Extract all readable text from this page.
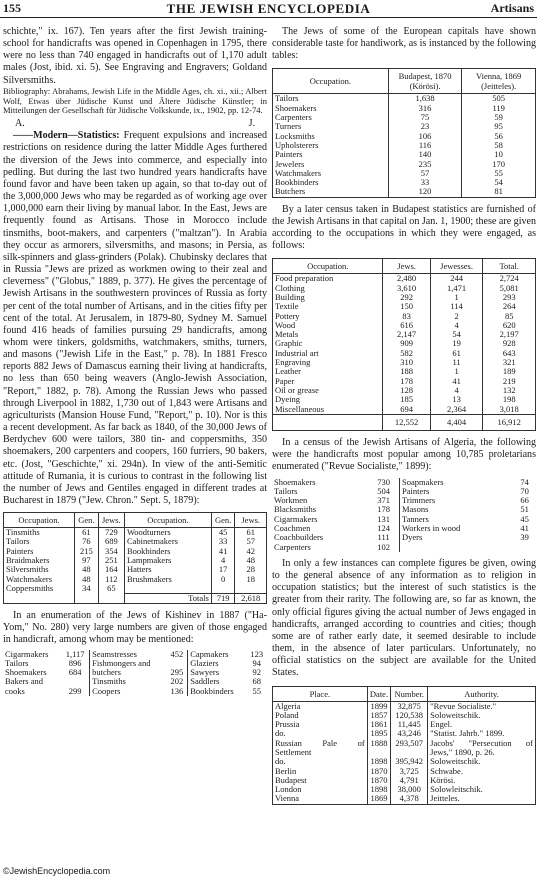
155	THE JEWISH ENCYCLOPEDIA	Artisans

schichte," ix. 167). Ten years after the first Jewish training-school for handicrafts was opened in Copenhagen in 1795, there were no less than 740 engaged in handicrafts out of 1,170 adult males (Jost, ibid. xi. 5). See Engraving and Engravers; Goldand Silversmiths.

Bibliography: Abrahams, Jewish Life in the Middle Ages, ch. xi., xii.; Albert Wolf, Etwas über Jüdische Kunst und Ältere Jüdische Künstler; in Mitteilungen der Gesellschaft für Jüdische Volkskunde, ix., 1902, pp. 12-74.

A.	J.

——Modern—Statistics: Frequent expulsions and increased restrictions on residence during the latter Middle Ages furthered the diversion of the Jews into commerce, and especially into pedling. But during the last two hundred years handicrafts have found favor and have been taken up again, so that to-day out of the 3,000,000 Jews who may be regarded as of working age over 1,000,000 earn their living by manual labor. In the East, Jews are frequently found as Artisans. Those in Morocco include tinsmiths, boot-makers, and carpenters ("maltzan"). In Arabia they occur as armorers, silversmiths, and masons; in Persia, as silk-spinners and glass-grinders (Polak). Chubinsky declares that in Russia "Jews are prized as workmen owing to their zeal and cleverness" ("Globus," 1889, p. 377). He gives the percentage of Jewish Artisans in the southwestern provinces of Russia as forty per cent of the total number of Artisans, and in the cities fifty per cent of the total. At Jerusalem, in 1879-80, Sydney M. Samuel found 416 heads of families pursuing 29 handicrafts, among whom were tinkers, goldsmiths, watchmakers, smiths, turners, and masons ("Jewish Life in the East," p. 78). In 1881 Fresco reports 882 Jews of Damascus earning their living at handicrafts, no less than 650 being weavers (Anglo-Jewish Association, "Report," 1882, p. 78). Among the Russian Jews who passed through Liverpool in 1882, 1,730 out of 1,843 were Artisans and agriculturists (Mansion House Fund, "Report," p. 10). Nor is this a recent development. As far back as 1840, of the 30,000 Jews of Berdychev 600 were tailors, 380 tin- and coppersmiths, 350 shoemakers, 200 carpenters and coopers, 160 furriers, 90 bakers, etc. (Jost, "Geschichte," xi. 294n). In view of the anti-Semitic attitude of Rumania, it is curious to contrast in the following list the number of Jews and Gentiles engaged in different trades at Bucharest in 1879 ("Jew. Chron." Sept. 5, 1879):

Occupation.	Gen.	Jews.	Occupation.	Gen.	Jews.
Tinsmiths	61	729	Woodturners	45	61
Tailors	76	689	Cabinetmakers	33	57
Painters	215	354	Bookbinders	41	42
Braidmakers	97	251	Lampmakers	4	48
Silversmiths	48	164	Hatters	17	28
Watchmakers	48	112	Brushmakers	0	18
Coppersmiths	34	65			
			Totals	719	2,618

In an enumeration of the Jews of Kishinev in 1887 ("Ha-Yom," No. 280) very large numbers are given of those engaged in handicraft, among whom may be mentioned:

Cigarmakers	1,117	Seamstresses	452	Capmakers	123
Tailors	896	Fishmongers and		Glaziers	94
Shoemakers	684	butchers	295	Sawyers	92
Bakers and		Tinsmiths	202	Saddlers	68
cooks	299	Coopers	136	Bookbinders	55

The Jews of some of the European capitals have shown considerable taste for handiwork, as is instanced by the following tables:

Occupation.	Budapest, 1870 (Körösi).	Vienna, 1869 (Jeitteles).
Tailors	1,638	505
Shoemakers	316	119
Carpenters	75	59
Turners	23	95
Locksmiths	106	56
Upholsterers	116	58
Painters	140	10
Jewelers	235	170
Watchmakers	57	55
Bookbinders	33	54
Butchers	120	81

By a later census taken in Budapest statistics are furnished of the Jewish Artisans in that capital on Jan. 1, 1900; these are given according to the occupations in which they were engaged, as follows:

Occupation.	Jews.	Jewesses.	Total.
Food preparation	2,480	244	2,724
Clothing	3,610	1,471	5,081
Building	292	1	293
Textile	150	114	264
Pottery	83	2	85
Wood	616	4	620
Metals	2,147	54	2,197
Graphic	909	19	928
Industrial art	582	61	643
Engraving	310	11	321
Leather	188	1	189
Paper	178	41	219
Oil or grease	128	4	132
Dyeing	185	13	198
Miscellaneous	694	2,364	3,018
	12,552	4,404	16,912

In a census of the Jewish Artisans of Algeria, the following were the handicrafts most popular among 10,785 proletarians enumerated ("Revue Socialiste," 1899):

Shoemakers	730	Soapmakers	74
Tailors	504	Painters	70
Workmen	371	Trimmers	66
Blacksmiths	178	Masons	51
Cigarmakers	131	Tanners	45
Coachmen	124	Workers in wood	41
Coachbuilders	111	Dyers	39
Carpenters	102		

In only a few instances can complete figures be given, owing to the general absence of any information as to religion in occupation statistics; but the interest of such statistics is the greater from their rarity. The following are, so far as known, the only official figures giving the actual number of Jews engaged in handicrafts, arranged according to countries and cities; though some are of rather early date, it seemed desirable to include them, in the absence of later particulars. Unfortunately, no official statistics on the subject are available for the United States.

Place.	Date.	Number.	Authority.
Algeria	1899	32,875	"Revue Socialiste."
Poland	1857	120,538	Soloweitschik.
Prussia	1861	11,445	Engel.
do.	1895	43,246	"Statist. Jahrb." 1899.
Russian Pale of Settlement	1888	293,507	Jacobs' "Persecution of Jews," 1890, p. 26.
do.	1898	395,942	Soloweitschik.
Berlin	1870	3,725	Schwabe.
Budapest	1870	4,791	Körösi.
London	1898	38,000	Solowleitschik.
Vienna	1869	4,378	Jeitteles.
©JewishEncyclopedia.com
